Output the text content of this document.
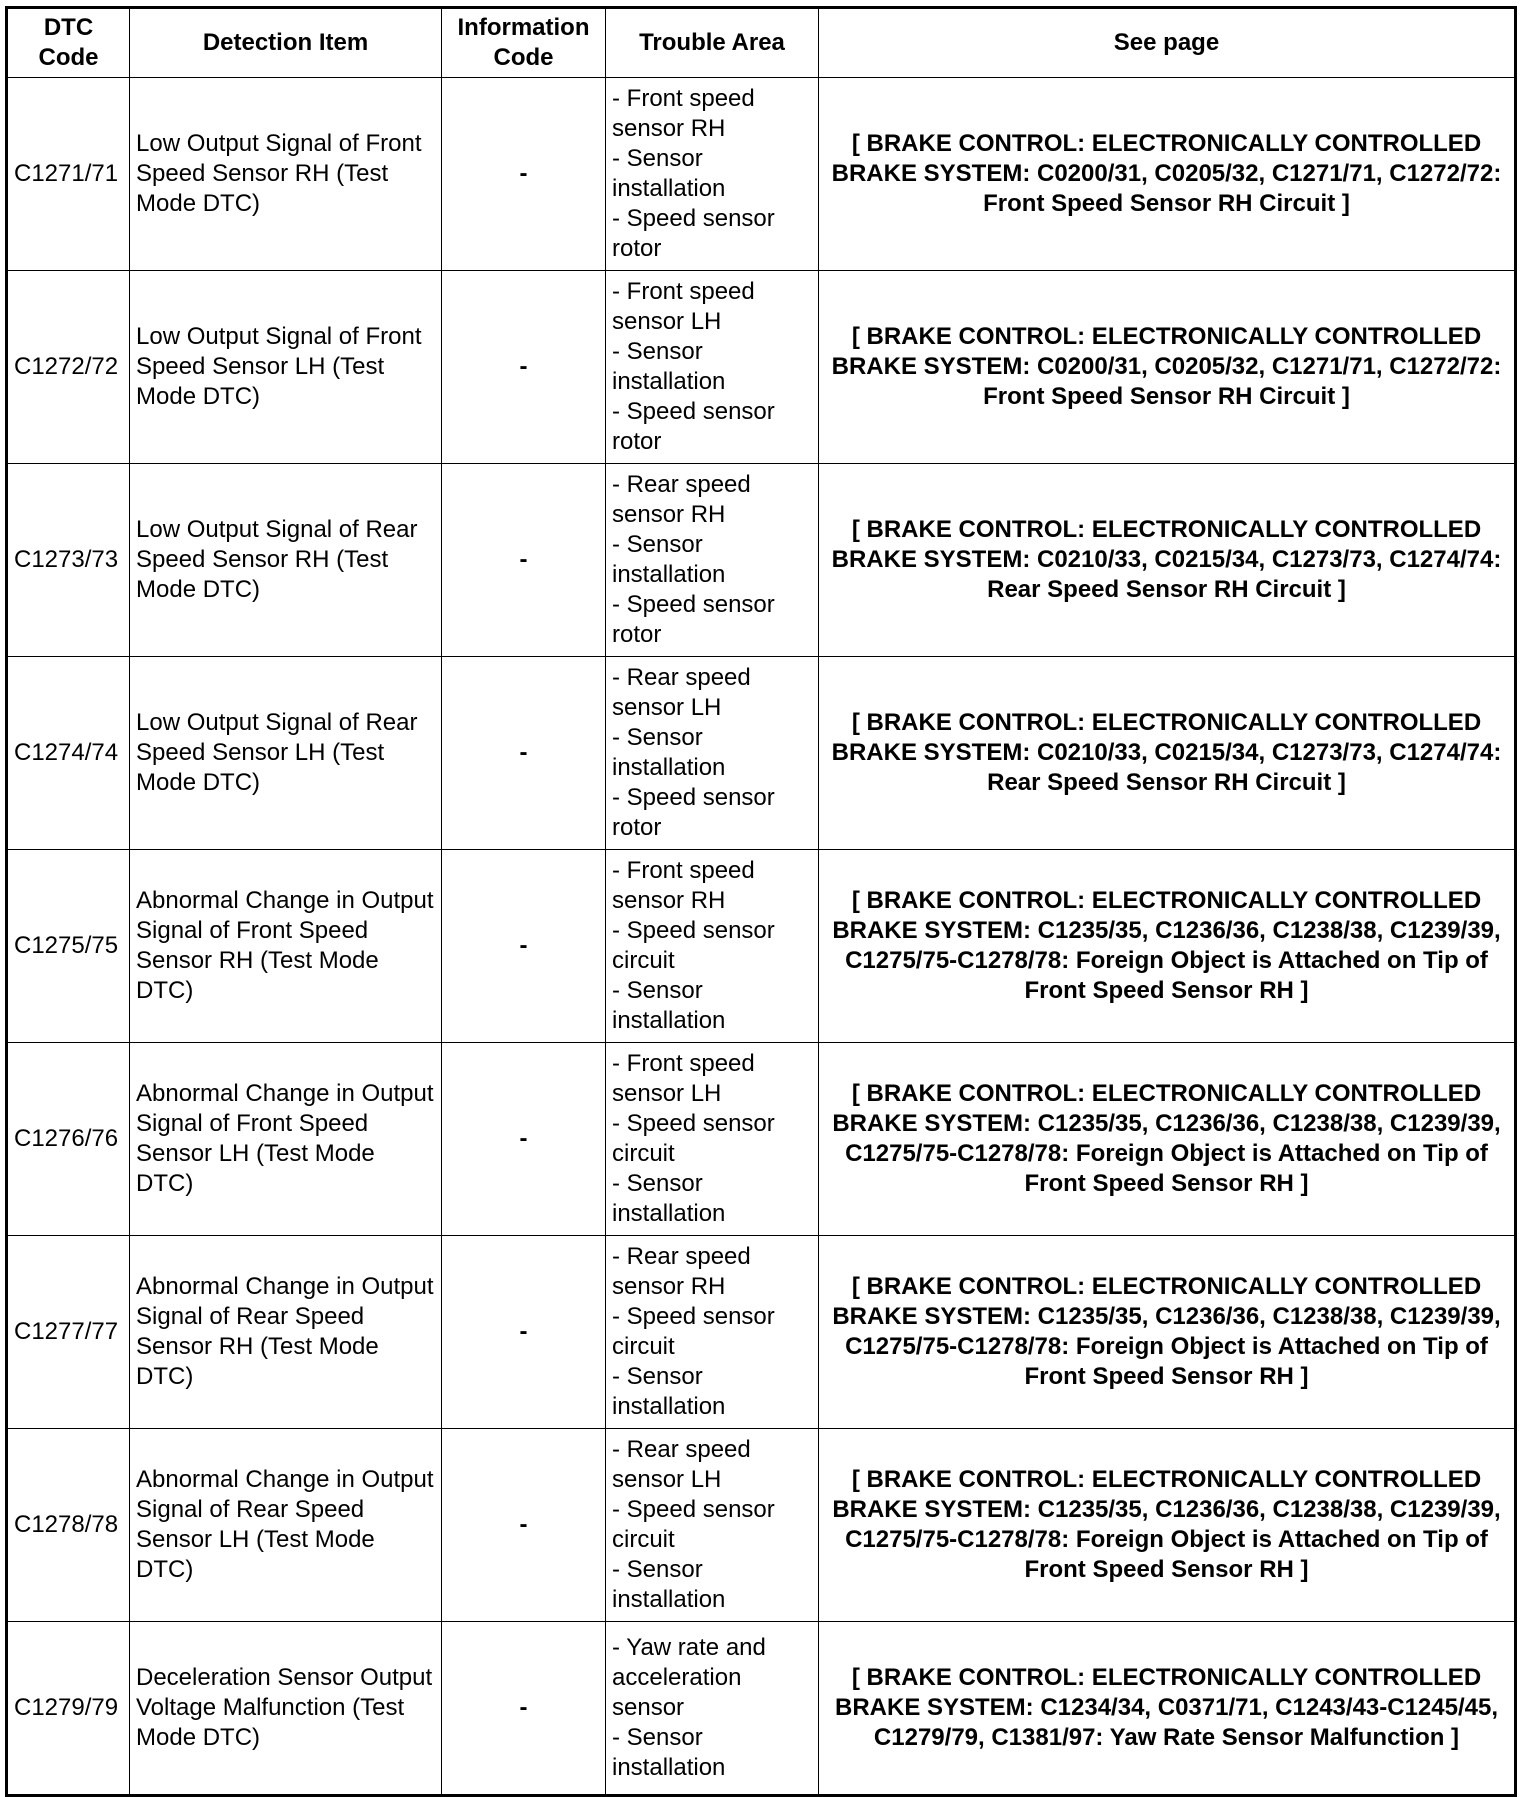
DTC Code	Detection Item	Information Code	Trouble Area	See page
C1271/71	Low Output Signal of Front Speed Sensor RH (Test Mode DTC)	-	- Front speed sensor RH
- Sensor installation
- Speed sensor rotor	[ BRAKE CONTROL: ELECTRONICALLY CONTROLLED BRAKE SYSTEM: C0200/31, C0205/32, C1271/71, C1272/72: Front Speed Sensor RH Circuit ]
C1272/72	Low Output Signal of Front Speed Sensor LH (Test Mode DTC)	-	- Front speed sensor LH
- Sensor installation
- Speed sensor rotor	[ BRAKE CONTROL: ELECTRONICALLY CONTROLLED BRAKE SYSTEM: C0200/31, C0205/32, C1271/71, C1272/72: Front Speed Sensor RH Circuit ]
C1273/73	Low Output Signal of Rear Speed Sensor RH (Test Mode DTC)	-	- Rear speed sensor RH
- Sensor installation
- Speed sensor rotor	[ BRAKE CONTROL: ELECTRONICALLY CONTROLLED BRAKE SYSTEM: C0210/33, C0215/34, C1273/73, C1274/74: Rear Speed Sensor RH Circuit ]
C1274/74	Low Output Signal of Rear Speed Sensor LH (Test Mode DTC)	-	- Rear speed sensor LH
- Sensor installation
- Speed sensor rotor	[ BRAKE CONTROL: ELECTRONICALLY CONTROLLED BRAKE SYSTEM: C0210/33, C0215/34, C1273/73, C1274/74: Rear Speed Sensor RH Circuit ]
C1275/75	Abnormal Change in Output Signal of Front Speed Sensor RH (Test Mode DTC)	-	- Front speed sensor RH
- Speed sensor circuit
- Sensor installation	[ BRAKE CONTROL: ELECTRONICALLY CONTROLLED BRAKE SYSTEM: C1235/35, C1236/36, C1238/38, C1239/39, C1275/75-C1278/78: Foreign Object is Attached on Tip of Front Speed Sensor RH ]
C1276/76	Abnormal Change in Output Signal of Front Speed Sensor LH (Test Mode DTC)	-	- Front speed sensor LH
- Speed sensor circuit
- Sensor installation	[ BRAKE CONTROL: ELECTRONICALLY CONTROLLED BRAKE SYSTEM: C1235/35, C1236/36, C1238/38, C1239/39, C1275/75-C1278/78: Foreign Object is Attached on Tip of Front Speed Sensor RH ]
C1277/77	Abnormal Change in Output Signal of Rear Speed Sensor RH (Test Mode DTC)	-	- Rear speed sensor RH
- Speed sensor circuit
- Sensor installation	[ BRAKE CONTROL: ELECTRONICALLY CONTROLLED BRAKE SYSTEM: C1235/35, C1236/36, C1238/38, C1239/39, C1275/75-C1278/78: Foreign Object is Attached on Tip of Front Speed Sensor RH ]
C1278/78	Abnormal Change in Output Signal of Rear Speed Sensor LH (Test Mode DTC)	-	- Rear speed sensor LH
- Speed sensor circuit
- Sensor installation	[ BRAKE CONTROL: ELECTRONICALLY CONTROLLED BRAKE SYSTEM: C1235/35, C1236/36, C1238/38, C1239/39, C1275/75-C1278/78: Foreign Object is Attached on Tip of Front Speed Sensor RH ]
C1279/79	Deceleration Sensor Output Voltage Malfunction (Test Mode DTC)	-	- Yaw rate and acceleration sensor
- Sensor installation	[ BRAKE CONTROL: ELECTRONICALLY CONTROLLED BRAKE SYSTEM: C1234/34, C0371/71, C1243/43-C1245/45, C1279/79, C1381/97: Yaw Rate Sensor Malfunction ]
